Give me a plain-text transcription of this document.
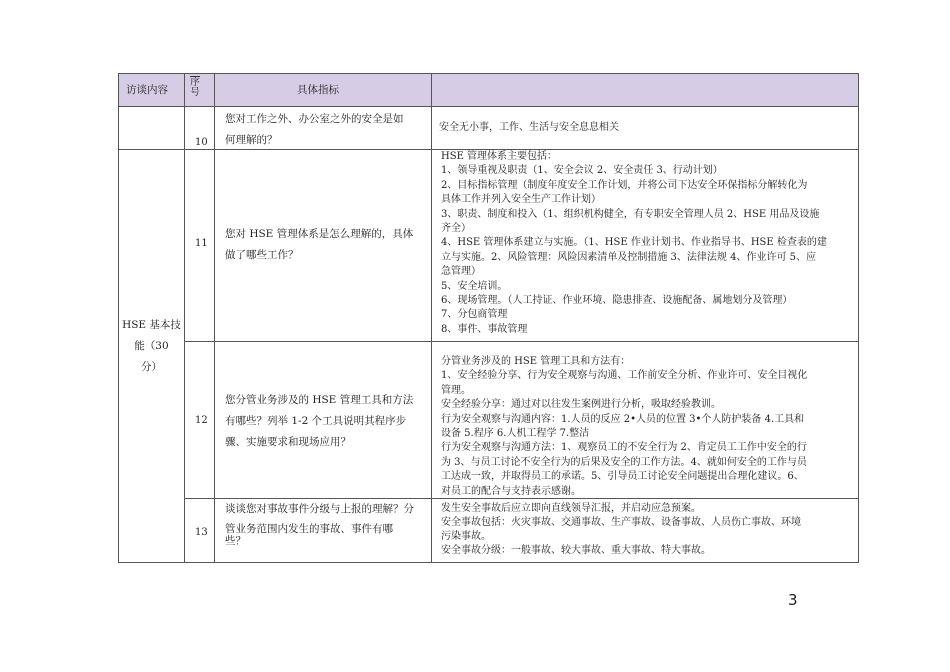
访谈内容
序号	具体指标
HSE 基本技
能（30
分）
10
您对工作之外、办公室之外的安全是如
何理解的？
安全无小事，工作、生活与安全息息相关
11
您对 HSE 管理体系是怎么理解的，具体
做了哪些工作？
HSE 管理体系主要包括：
1、领导重视及职责（1、安全会议 2、安全责任 3、行动计划）
2、目标指标管理（制度年度安全工作计划，并将公司下达安全环保指标分解转化为
具体工作并列入安全生产工作计划）
3、职责、制度和投入（1、组织机构健全，有专职安全管理人员 2、HSE 用品及设施
齐全）
4、HSE 管理体系建立与实施。（1、HSE 作业计划书、作业指导书、HSE 检查表的建
立与实施。2、风险管理：风险因素清单及控制措施 3、法律法规 4、作业许可 5、应
急管理）
5、安全培训。
6、现场管理。（人工持证、作业环境、隐患排查、设施配备、属地划分及管理）
7、分包商管理
8、事件、事故管理
12
您分管业务涉及的 HSE 管理工具和方法
有哪些？列举 1-2 个工具说明其程序步
骤、实施要求和现场应用？
分管业务涉及的 HSE 管理工具和方法有：
1、安全经验分享、行为安全观察与沟通、工作前安全分析、作业许可、安全目视化
管理。
安全经验分享：通过对以往发生案例进行分析，吸取经验教训。
行为安全观察与沟通内容：1.人员的反应 2•人员的位置 3•个人防护装备 4.工具和
设备 5.程序 6.人机工程学 7.整洁
行为安全观察与沟通方法：1、观察员工的不安全行为 2、肯定员工工作中安全的行
为 3、与员工讨论不安全行为的后果及安全的工作方法。4、就如何安全的工作与员
工达成一致，并取得员工的承诺。5、引导员工讨论安全问题提出合理化建议。6、
对员工的配合与支持表示感谢。
13
谈谈您对事故事件分级与上报的理解？分
管业务范围内发生的事故、事件有哪
些？
发生安全事故后应立即向直线领导汇报，并启动应急预案。
安全事故包括：火灾事故、交通事故、生产事故、设备事故、人员伤亡事故、环境
污染事故。
安全事故分级：一般事故、较大事故、重大事故、特大事故。
3
